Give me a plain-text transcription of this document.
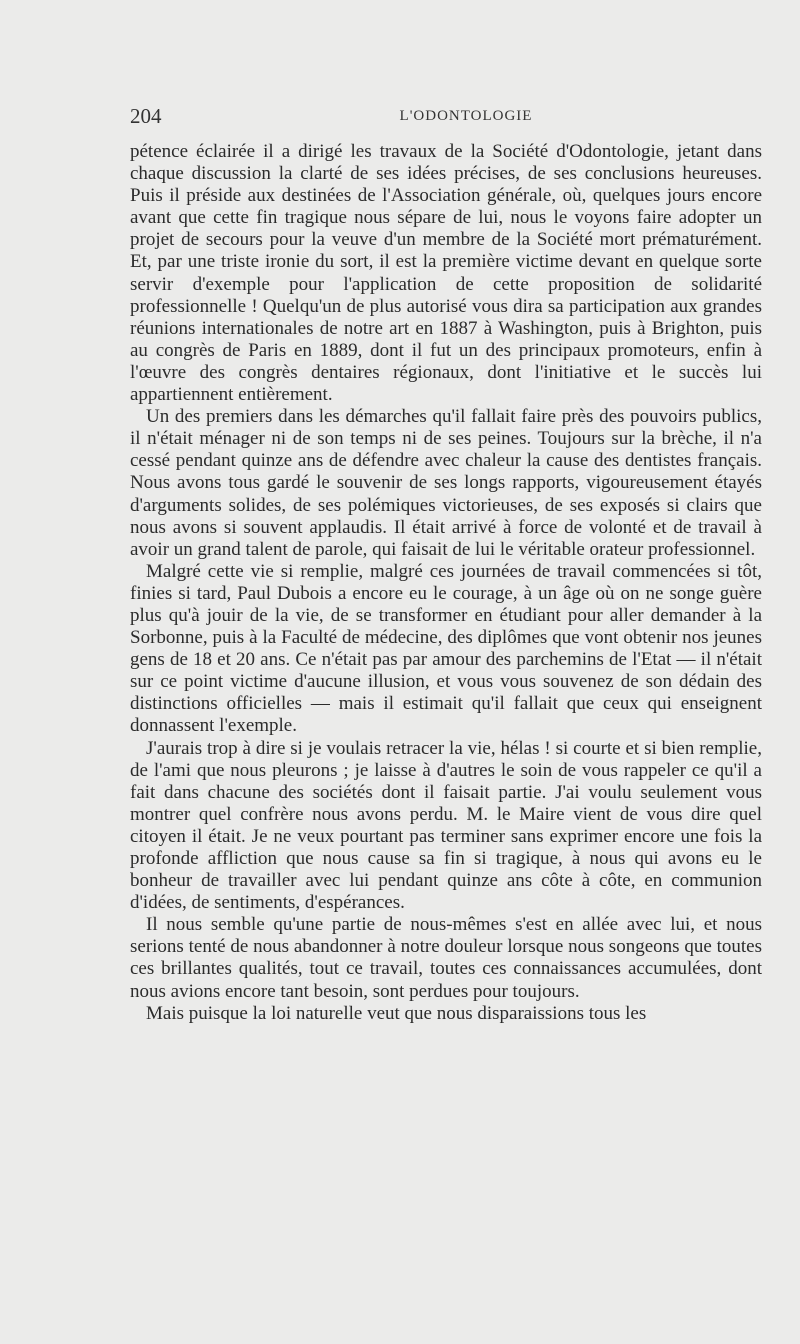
204	L'ODONTOLOGIE

pétence éclairée il a dirigé les travaux de la Société d'Odontologie, jetant dans chaque discussion la clarté de ses idées précises, de ses conclusions heureuses. Puis il préside aux destinées de l'Association générale, où, quelques jours encore avant que cette fin tragique nous sépare de lui, nous le voyons faire adopter un projet de secours pour la veuve d'un membre de la Société mort prématurément. Et, par une triste ironie du sort, il est la première victime devant en quelque sorte servir d'exemple pour l'application de cette proposition de solidarité professionnelle ! Quelqu'un de plus autorisé vous dira sa participation aux grandes réunions internationales de notre art en 1887 à Washington, puis à Brighton, puis au congrès de Paris en 1889, dont il fut un des principaux promoteurs, enfin à l'œuvre des congrès dentaires régionaux, dont l'initiative et le succès lui appartiennent entièrement.

Un des premiers dans les démarches qu'il fallait faire près des pouvoirs publics, il n'était ménager ni de son temps ni de ses peines. Toujours sur la brèche, il n'a cessé pendant quinze ans de défendre avec chaleur la cause des dentistes français. Nous avons tous gardé le souvenir de ses longs rapports, vigoureusement étayés d'arguments solides, de ses polémiques victorieuses, de ses exposés si clairs que nous avons si souvent applaudis. Il était arrivé à force de volonté et de travail à avoir un grand talent de parole, qui faisait de lui le véritable orateur professionnel.

Malgré cette vie si remplie, malgré ces journées de travail commencées si tôt, finies si tard, Paul Dubois a encore eu le courage, à un âge où on ne songe guère plus qu'à jouir de la vie, de se transformer en étudiant pour aller demander à la Sorbonne, puis à la Faculté de médecine, des diplômes que vont obtenir nos jeunes gens de 18 et 20 ans. Ce n'était pas par amour des parchemins de l'Etat — il n'était sur ce point victime d'aucune illusion, et vous vous souvenez de son dédain des distinctions officielles — mais il estimait qu'il fallait que ceux qui enseignent donnassent l'exemple.

J'aurais trop à dire si je voulais retracer la vie, hélas ! si courte et si bien remplie, de l'ami que nous pleurons ; je laisse à d'autres le soin de vous rappeler ce qu'il a fait dans chacune des sociétés dont il faisait partie. J'ai voulu seulement vous montrer quel confrère nous avons perdu. M. le Maire vient de vous dire quel citoyen il était. Je ne veux pourtant pas terminer sans exprimer encore une fois la profonde affliction que nous cause sa fin si tragique, à nous qui avons eu le bonheur de travailler avec lui pendant quinze ans côte à côte, en communion d'idées, de sentiments, d'espérances.

Il nous semble qu'une partie de nous-mêmes s'est en allée avec lui, et nous serions tenté de nous abandonner à notre douleur lorsque nous songeons que toutes ces brillantes qualités, tout ce travail, toutes ces connaissances accumulées, dont nous avions encore tant besoin, sont perdues pour toujours.

Mais puisque la loi naturelle veut que nous disparaissions tous les
